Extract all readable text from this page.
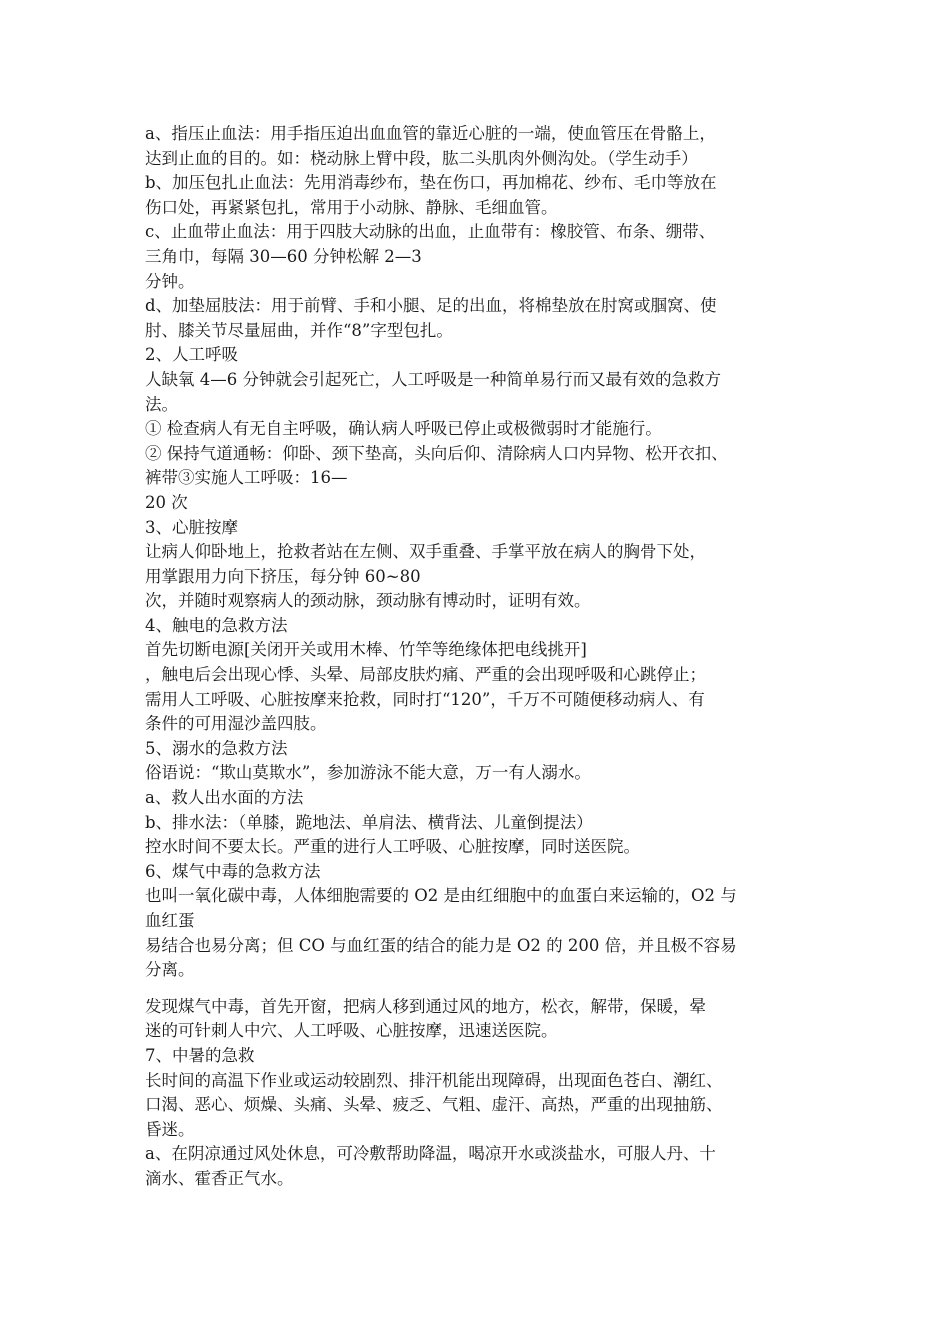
a、指压止血法：用手指压迫出血血管的靠近心脏的一端，使血管压在骨骼上，
达到止血的目的。如：桡动脉上臂中段，肱二头肌肉外侧沟处。（学生动手）
b、加压包扎止血法：先用消毒纱布，垫在伤口，再加棉花、纱布、毛巾等放在
伤口处，再紧紧包扎，常用于小动脉、静脉、毛细血管。
c、止血带止血法：用于四肢大动脉的出血，止血带有：橡胶管、布条、绷带、
三角巾，每隔 30—60 分钟松解 2—3
分钟。
d、加垫屈肢法：用于前臂、手和小腿、足的出血，将棉垫放在肘窝或腘窝、使
肘、膝关节尽量屈曲，并作“8”字型包扎。
2、人工呼吸
人缺氧 4—6 分钟就会引起死亡，人工呼吸是一种简单易行而又最有效的急救方
法。
① 检查病人有无自主呼吸，确认病人呼吸已停止或极微弱时才能施行。
② 保持气道通畅：仰卧、颈下垫高，头向后仰、清除病人口内异物、松开衣扣、
裤带③实施人工呼吸：16—
20 次
3、心脏按摩
让病人仰卧地上，抢救者站在左侧、双手重叠、手掌平放在病人的胸骨下处，
用掌跟用力向下挤压，每分钟 60~80
次，并随时观察病人的颈动脉，颈动脉有博动时，证明有效。
4、触电的急救方法
首先切断电源[关闭开关或用木棒、竹竿等绝缘体把电线挑开]
，触电后会出现心悸、头晕、局部皮肤灼痛、严重的会出现呼吸和心跳停止；
需用人工呼吸、心脏按摩来抢救，同时打“120”，千万不可随便移动病人、有
条件的可用湿沙盖四肢。
5、溺水的急救方法
俗语说：“欺山莫欺水”，参加游泳不能大意，万一有人溺水。
a、救人出水面的方法
b、排水法：（单膝，跪地法、单肩法、横背法、儿童倒提法）
控水时间不要太长。严重的进行人工呼吸、心脏按摩，同时送医院。
6、煤气中毒的急救方法
也叫一氧化碳中毒，人体细胞需要的 O2 是由红细胞中的血蛋白来运输的，O2 与
血红蛋
易结合也易分离；但 CO 与血红蛋的结合的能力是 O2 的 200 倍，并且极不容易
分离。
发现煤气中毒，首先开窗，把病人移到通过风的地方，松衣，解带，保暖，晕
迷的可针刺人中穴、人工呼吸、心脏按摩，迅速送医院。
7、中暑的急救
长时间的高温下作业或运动较剧烈、排汗机能出现障碍，出现面色苍白、潮红、
口渴、恶心、烦燥、头痛、头晕、疲乏、气粗、虚汗、高热，严重的出现抽筋、
昏迷。
a、在阴凉通过风处休息，可冷敷帮助降温，喝凉开水或淡盐水，可服人丹、十
滴水、霍香正气水。
